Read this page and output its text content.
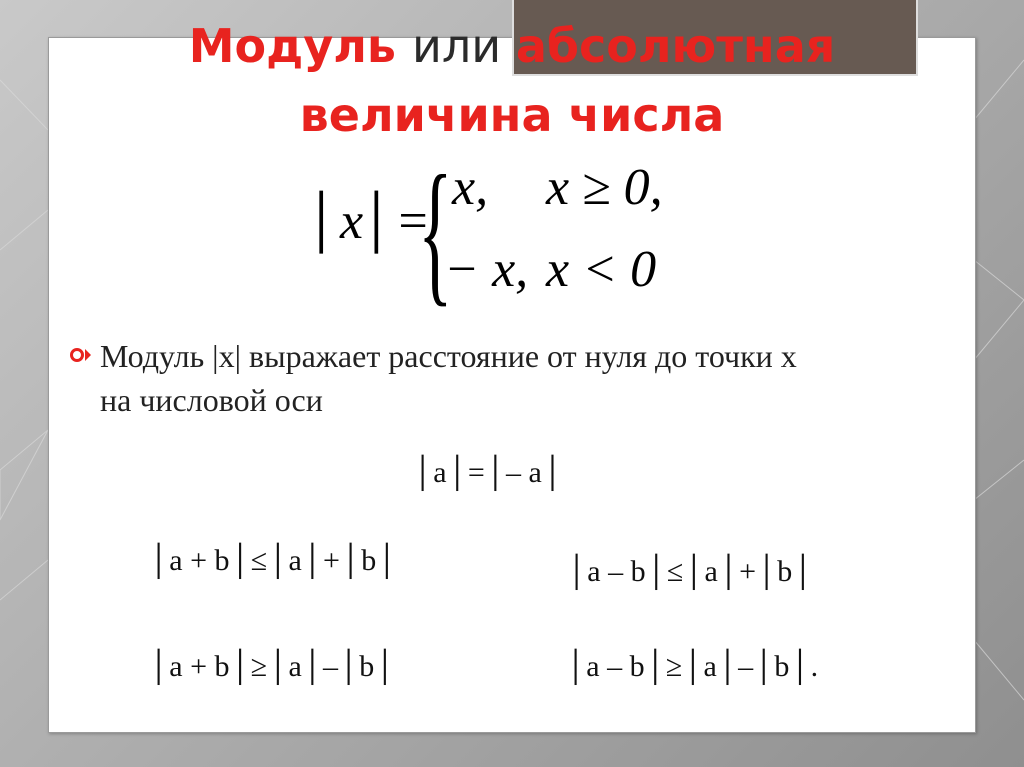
Модуль или абсолютная
величина числа
│x│=
{ x, x ≥ 0,
− x, x < 0
Модуль |x| выражает расстояние от нуля до точки x
на числовой оси
│a│=│– a│
│a + b│≤│a│+│b│	│a – b│≤│a│+│b│
│a + b│≥│a│–│b│	│a – b│≥│a│–│b│.
